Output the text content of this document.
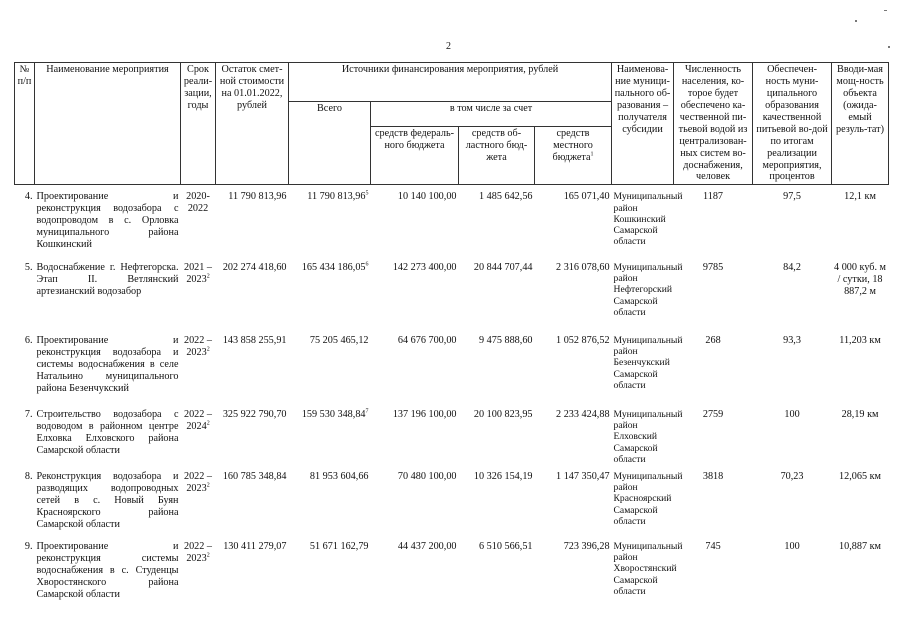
2
№ п/п	Наименование мероприятия	Срок реали-зации, годы	Остаток смет-ной стоимости на 01.01.2022, рублей	Источники финансирования мероприятия, рублей				Наименова-ние муници-пального об-разования – получателя субсидии	Численность населения, ко-торое будет обеспечено ка-чественной пи-тьевой водой из централизован-ных систем во-доснабжения, человек	Обеспечен-ность муни-ципального образования качественной питьевой во-дой по итогам реализации мероприятия, процентов	Вводи-мая мощ-ность объекта (ожида-емый резуль-тат)
				Всего	в том числе за счет						
					средств федераль-ного бюджета	средств об-ластного бюд-жета	средств местного бюджета$^1$
4.	Проектирование и реконструкция водозабора с водопроводом в с. Орловка муниципального района Кошкинский	2020-2022	11 790 813,96	11 790 813,96$^5$	10 140 100,00	1 485 642,56	165 071,40	Муниципальный район Кошкинский Самарской области	1187	97,5	12,1 км
5.	Водоснабжение г. Нефтегорска. Этап II. Ветлянский артезианский водозабор	2021 – 2023$^2$	202 274 418,60	165 434 186,05$^6$	142 273 400,00	20 844 707,44	2 316 078,60	Муниципальный район Нефтегорский Самарской области	9785	84,2	4 000 куб. м / сутки, 18 887,2 м
6.	Проектирование и реконструкция водозабора и системы водоснабжения в селе Натальино муниципального района Безенчукский	2022 – 2023$^2$	143 858 255,91	75 205 465,12	64 676 700,00	9 475 888,60	1 052 876,52	Муниципальный район Безенчукский Самарской области	268	93,3	11,203 км
7.	Строительство водозабора с водоводом в районном центре Елховка Елховского района Самарской области	2022 – 2024$^2$	325 922 790,70	159 530 348,84$^7$	137 196 100,00	20 100 823,95	2 233 424,88	Муниципальный район Елховский Самарской области	2759	100	28,19 км
8.	Реконструкция водозабора и разводящих водопроводных сетей в с. Новый Буян Красноярского района Самарской области	2022 – 2023$^2$	160 785 348,84	81 953 604,66	70 480 100,00	10 326 154,19	1 147 350,47	Муниципальный район Красноярский Самарской области	3818	70,23	12,065 км
9.	Проектирование и реконструкция системы водоснабжения в с. Студенцы Хворостянского района Самарской области	2022 – 2023$^2$	130 411 279,07	51 671 162,79	44 437 200,00	6 510 566,51	723 396,28	Муниципальный район Хворостянский Самарской области	745	100	10,887 км
